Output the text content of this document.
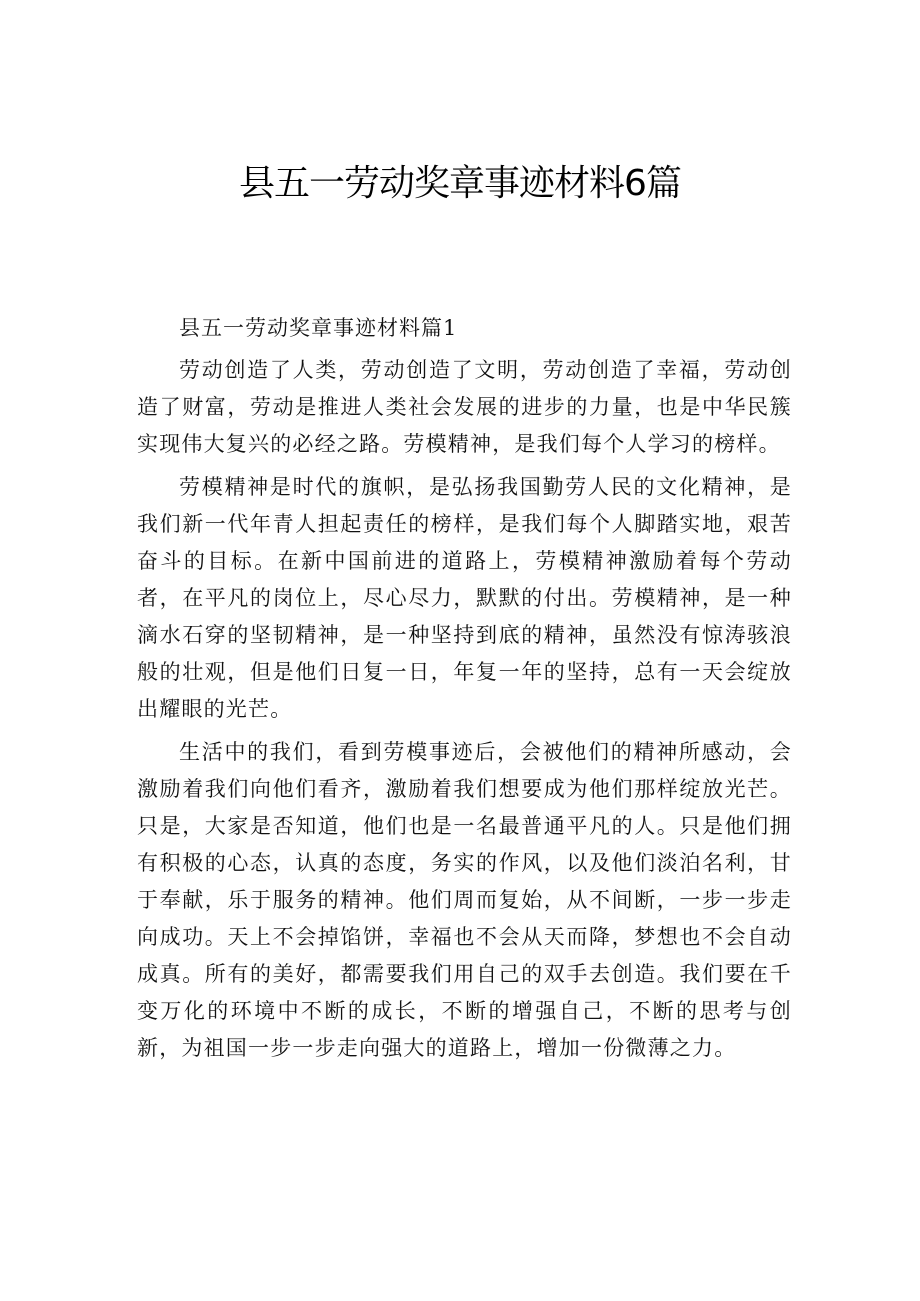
县五一劳动奖章事迹材料6篇

县五一劳动奖章事迹材料篇1

劳动创造了人类，劳动创造了文明，劳动创造了幸福，劳动创造了财富，劳动是推进人类社会发展的进步的力量，也是中华民簇实现伟大复兴的必经之路。劳模精神，是我们每个人学习的榜样。

劳模精神是时代的旗帜，是弘扬我国勤劳人民的文化精神，是我们新一代年青人担起责任的榜样，是我们每个人脚踏实地，艰苦奋斗的目标。在新中国前进的道路上，劳模精神激励着每个劳动者，在平凡的岗位上，尽心尽力，默默的付出。劳模精神，是一种滴水石穿的坚韧精神，是一种坚持到底的精神，虽然没有惊涛骇浪般的壮观，但是他们日复一日，年复一年的坚持，总有一天会绽放出耀眼的光芒。

生活中的我们，看到劳模事迹后，会被他们的精神所感动，会激励着我们向他们看齐，激励着我们想要成为他们那样绽放光芒。只是，大家是否知道，他们也是一名最普通平凡的人。只是他们拥有积极的心态，认真的态度，务实的作风，以及他们淡泊名利，甘于奉献，乐于服务的精神。他们周而复始，从不间断，一步一步走向成功。天上不会掉馅饼，幸福也不会从天而降，梦想也不会自动成真。所有的美好，都需要我们用自己的双手去创造。我们要在千变万化的环境中不断的成长，不断的增强自己，不断的思考与创新，为祖国一步一步走向强大的道路上，增加一份微薄之力。
